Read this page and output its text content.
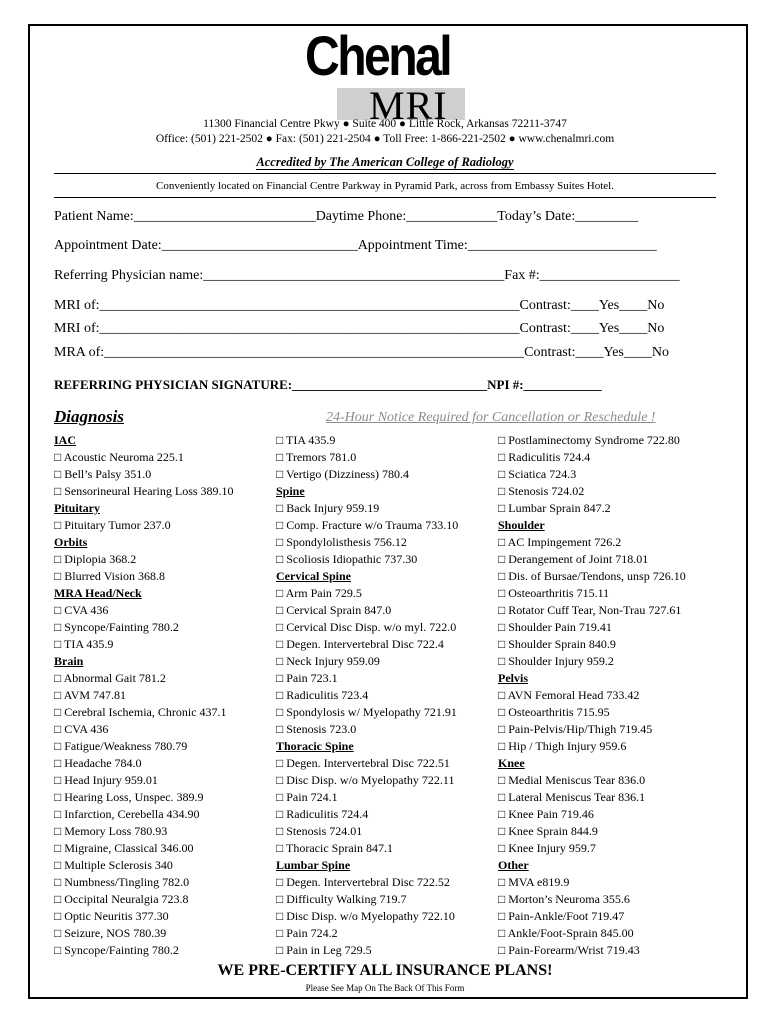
Chenal
MRI
11300 Financial Centre Pkwy ● Suite 400 ● Little Rock, Arkansas 72211-3747
Office: (501) 221-2502 ● Fax: (501) 221-2504 ● Toll Free: 1-866-221-2502 ● www.chenalmri.com
Accredited by The American College of Radiology
Conveniently located on Financial Centre Parkway in Pyramid Park, across from Embassy Suites Hotel.
Patient Name:__________________________Daytime Phone:_____________Today’s Date:_________
Appointment Date:____________________________Appointment Time:___________________________
Referring Physician name:___________________________________________Fax #:____________________
MRI of:____________________________________________________________Contrast:____Yes____No
MRI of:____________________________________________________________Contrast:____Yes____No
MRA of:____________________________________________________________Contrast:____Yes____No
REFERRING PHYSICIAN SIGNATURE:______________________________NPI #:____________
Diagnosis	24-Hour Notice Required for Cancellation or Reschedule !
IAC
□ Acoustic Neuroma 225.1
□ Bell’s Palsy 351.0
□ Sensorineural Hearing Loss 389.10
Pituitary
□ Pituitary Tumor 237.0
Orbits
□ Diplopia 368.2
□ Blurred Vision 368.8
MRA Head/Neck
□ CVA 436
□ Syncope/Fainting 780.2
□ TIA 435.9
Brain
□ Abnormal Gait 781.2
□ AVM 747.81
□ Cerebral Ischemia, Chronic 437.1
□ CVA 436
□ Fatigue/Weakness 780.79
□ Headache 784.0
□ Head Injury 959.01
□ Hearing Loss, Unspec. 389.9
□ Infarction, Cerebella 434.90
□ Memory Loss 780.93
□ Migraine, Classical 346.00
□ Multiple Sclerosis 340
□ Numbness/Tingling 782.0
□ Occipital Neuralgia 723.8
□ Optic Neuritis 377.30
□ Seizure, NOS 780.39
□ Syncope/Fainting 780.2
□ TIA 435.9
□ Tremors 781.0
□ Vertigo (Dizziness) 780.4
Spine
□ Back Injury 959.19
□ Comp. Fracture w/o Trauma 733.10
□ Spondylolisthesis 756.12
□ Scoliosis Idiopathic 737.30
Cervical Spine
□ Arm Pain 729.5
□ Cervical Sprain 847.0
□ Cervical Disc Disp. w/o myl. 722.0
□ Degen. Intervertebral Disc 722.4
□ Neck Injury 959.09
□ Pain 723.1
□ Radiculitis 723.4
□ Spondylosis w/ Myelopathy 721.91
□ Stenosis 723.0
Thoracic Spine
□ Degen. Intervertebral Disc 722.51
□ Disc Disp. w/o Myelopathy 722.11
□ Pain 724.1
□ Radiculitis 724.4
□ Stenosis 724.01
□ Thoracic Sprain 847.1
Lumbar Spine
□ Degen. Intervertebral Disc 722.52
□ Difficulty Walking 719.7
□ Disc Disp. w/o Myelopathy 722.10
□ Pain 724.2
□ Pain in Leg 729.5
□ Postlaminectomy Syndrome 722.80
□ Radiculitis 724.4
□ Sciatica 724.3
□ Stenosis 724.02
□ Lumbar Sprain 847.2
Shoulder
□ AC Impingement 726.2
□ Derangement of Joint 718.01
□ Dis. of Bursae/Tendons, unsp 726.10
□ Osteoarthritis 715.11
□ Rotator Cuff Tear, Non-Trau 727.61
□ Shoulder Pain 719.41
□ Shoulder Sprain 840.9
□ Shoulder Injury 959.2
Pelvis
□ AVN Femoral Head 733.42
□ Osteoarthritis 715.95
□ Pain-Pelvis/Hip/Thigh 719.45
□ Hip / Thigh Injury 959.6
Knee
□ Medial Meniscus Tear 836.0
□ Lateral Meniscus Tear 836.1
□ Knee Pain 719.46
□ Knee Sprain 844.9
□ Knee Injury 959.7
Other
□ MVA e819.9
□ Morton’s Neuroma 355.6
□ Pain-Ankle/Foot 719.47
□ Ankle/Foot-Sprain 845.00
□ Pain-Forearm/Wrist 719.43
WE PRE-CERTIFY ALL INSURANCE PLANS!
Please See Map On The Back Of This Form
